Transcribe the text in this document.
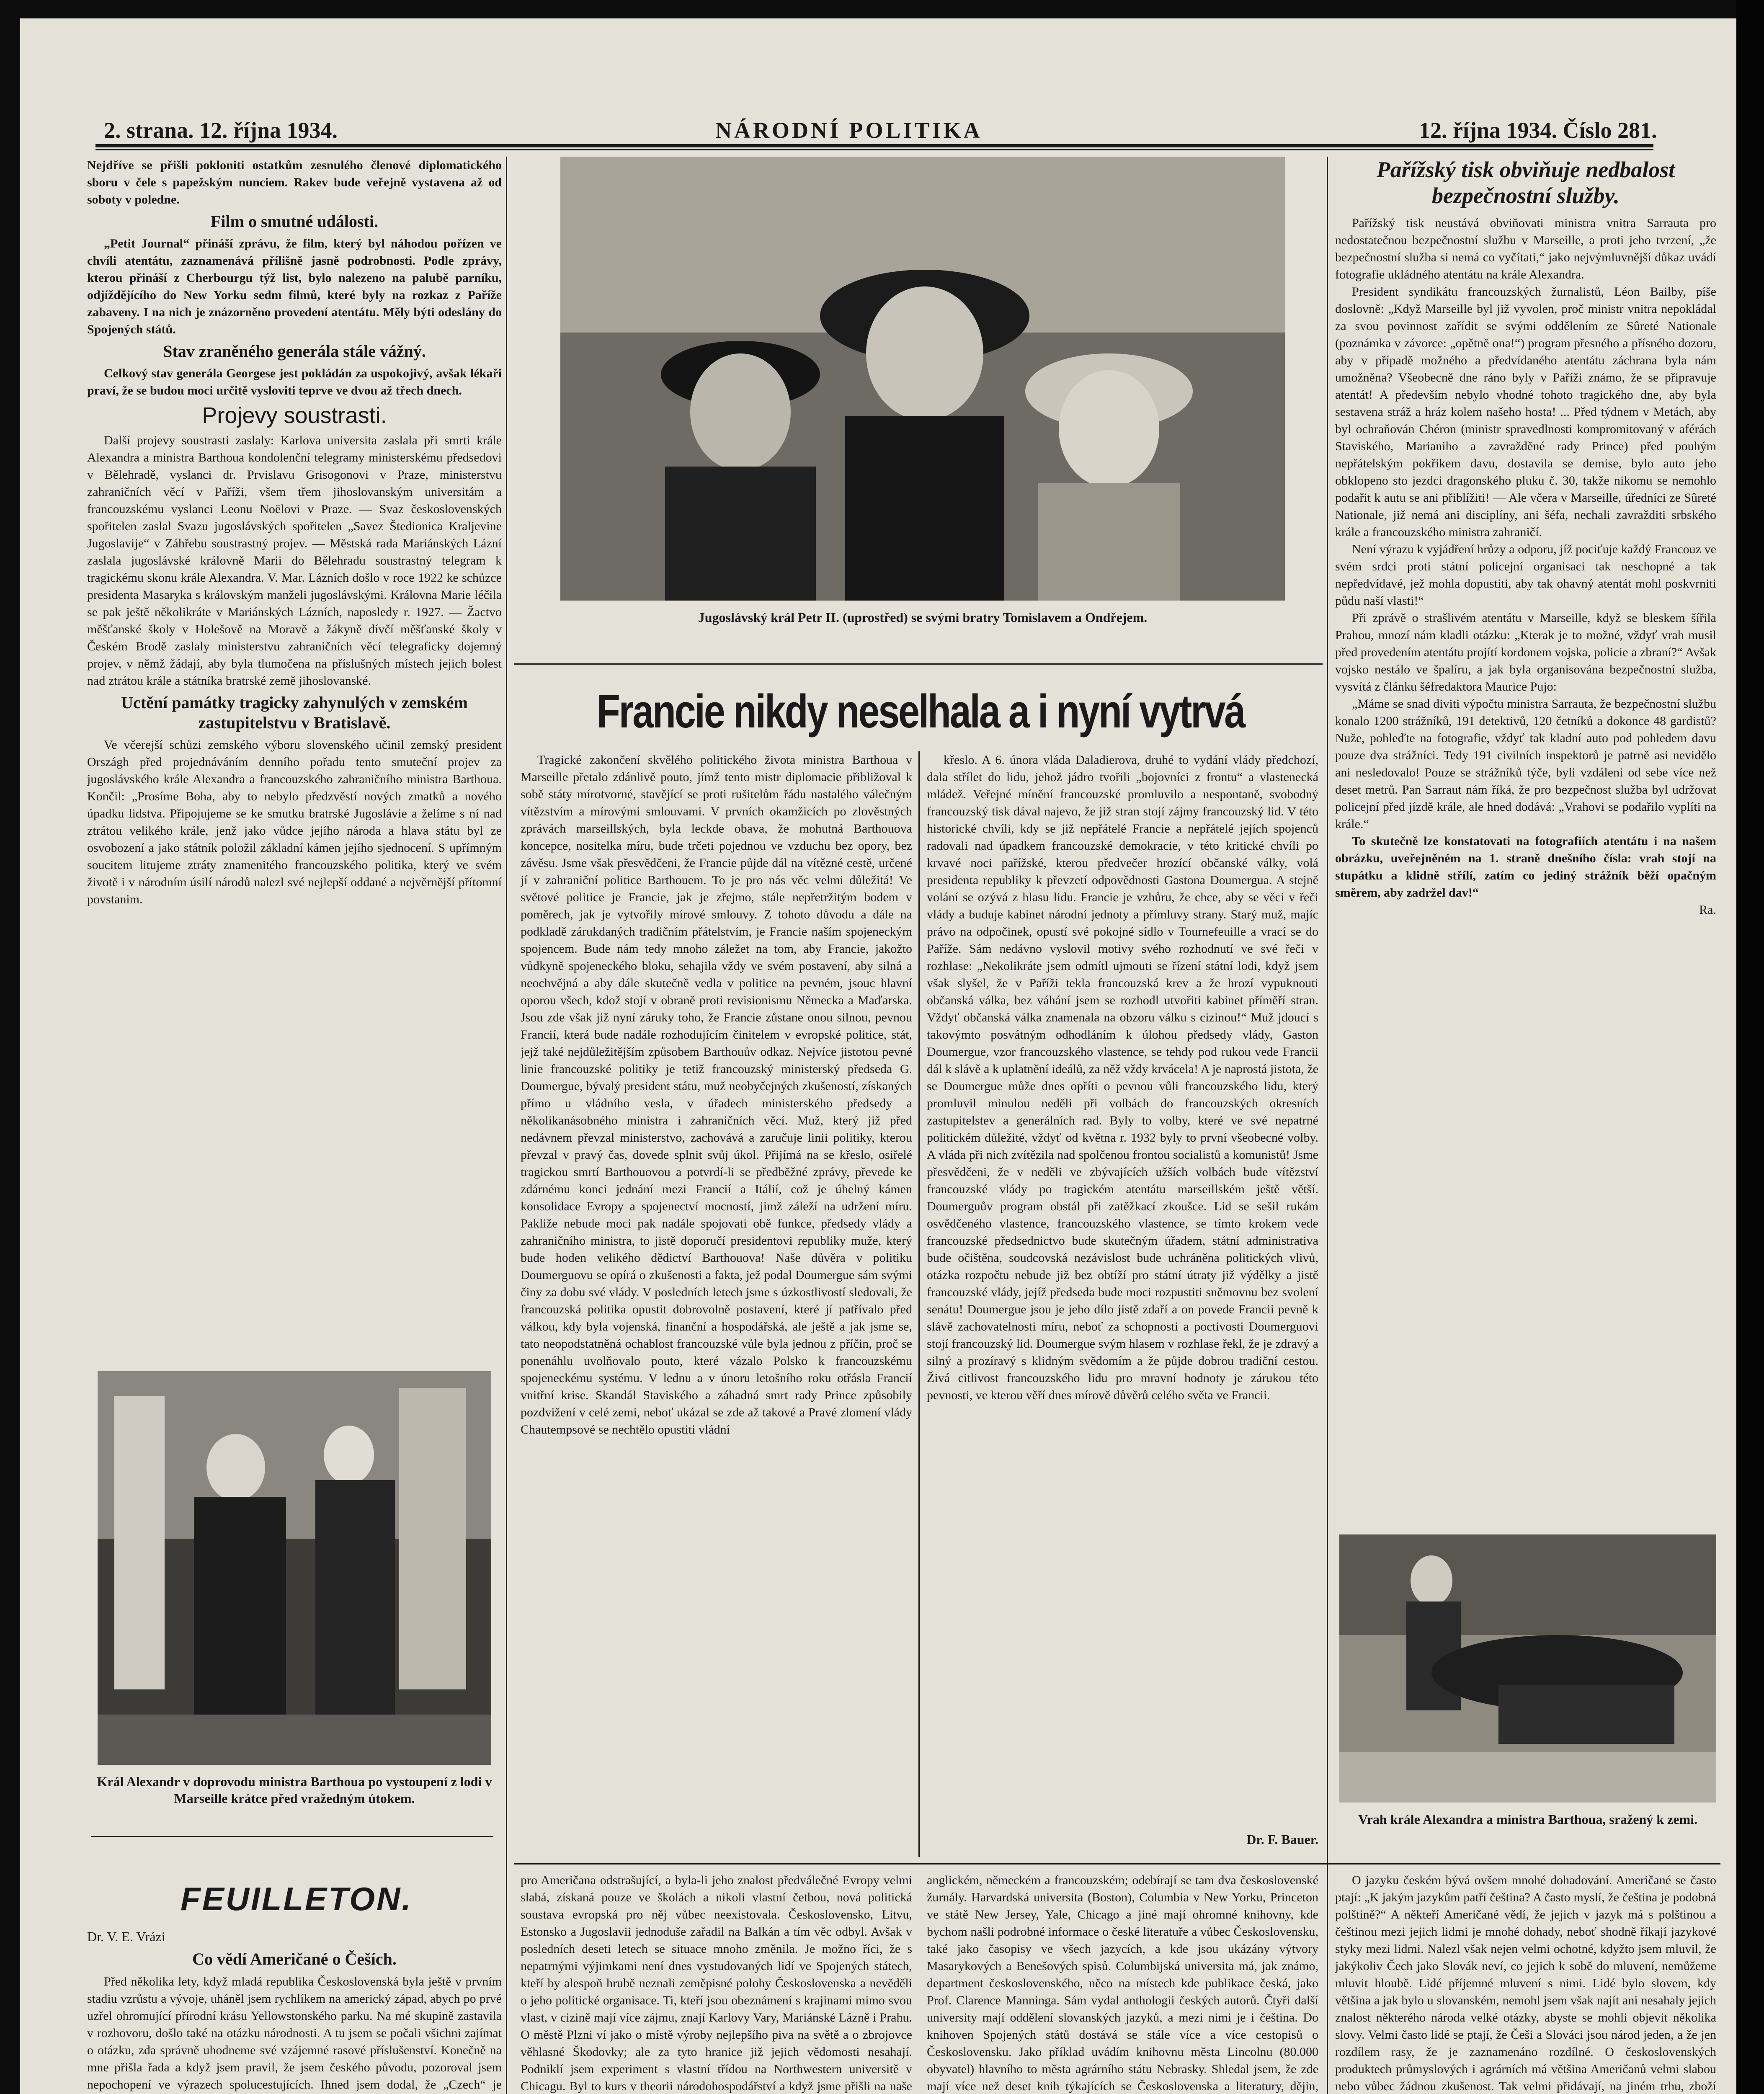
2. strana. 12. října 1934.	NÁRODNÍ POLITIKA	12. října 1934. Číslo 281.

Nejdříve se přišli pokloniti ostatkům zesnulého členové diplomatického sboru v čele s papežským nunciem. Rakev bude veřejně vystavena až od soboty v poledne.

Film o smutné události.

„Petit Journal“ přináší zprávu, že film, který byl náhodou pořízen ve chvíli atentátu, zaznamenává přílišně jasně podrobnosti. Podle zprávy, kterou přináší z Cherbourgu týž list, bylo nalezeno na palubě parníku, odjíždějícího do New Yorku sedm filmů, které byly na rozkaz z Paříže zabaveny. I na nich je znázorněno provedení atentátu. Měly býti odeslány do Spojených států.

Stav zraněného generála stále vážný.

Celkový stav generála Georgese jest pokládán za uspokojivý, avšak lékaři praví, že se budou moci určitě vysloviti teprve ve dvou až třech dnech.

Projevy soustrasti.

Další projevy soustrasti zaslaly: Karlova universita zaslala při smrti krále Alexandra a ministra Barthoua kondolenční telegramy ministerskému předsedovi v Bělehradě, vyslanci dr. Prvislavu Grisogonovi v Praze, ministerstvu zahraničních věcí v Paříži, všem třem jihoslovanským universitám a francouzskému vyslanci Leonu Noëlovi v Praze. — Svaz československých spořitelen zaslal Svazu jugoslávských spořitelen „Savez Štedionica Kraljevine Jugoslavije“ v Záhřebu soustrastný projev. — Městská rada Mariánských Lázní zaslala jugoslávské královně Marii do Bělehradu soustrastný telegram k tragickému skonu krále Alexandra. V. Mar. Lázních došlo v roce 1922 ke schůzce presidenta Masaryka s královským manželi jugoslávskými. Královna Marie léčila se pak ještě několikráte v Mariánských Lázních, naposledy r. 1927. — Žactvo měšťanské školy v Holešově na Moravě a žákyně dívčí měšťanské školy v Českém Brodě zaslaly ministerstvu zahraničních věcí telegraficky dojemný projev, v němž žádají, aby byla tlumočena na příslušných místech jejich bolest nad ztrátou krále a státníka bratrské země jihoslovanské.

Uctění památky tragicky zahynulých v zemském zastupitelstvu v Bratislavě.

Ve včerejší schůzi zemského výboru slovenského učinil zemský president Országh před projednáváním denního pořadu tento smuteční projev za jugoslávského krále Alexandra a francouzského zahraničního ministra Barthoua. Končil: „Prosíme Boha, aby to nebylo předzvěstí nových zmatků a nového úpadku lidstva. Připojujeme se ke smutku bratrské Jugoslávie a želíme s ní nad ztrátou velikého krále, jenž jako vůdce jejího národa a hlava státu byl ze osvobození a jako státník položil základní kámen jejího sjednocení. S upřímným soucitem litujeme ztráty znamenitého francouzského politika, který ve svém životě i v národním úsilí národů nalezl své nejlepší oddané a nejvěrnější přítomní povstanim.

Král Alexandr v doprovodu ministra Barthoua po vystoupení z lodi v Marseille krátce před vražedným útokem.
FEUILLETON.

Dr. V. E. Vrázi

Co vědí Američané o Češích.

Před několika lety, když mladá republika Československá byla ještě v prvním stadiu vzrůstu a vývoje, uháněl jsem rychlíkem na americký západ, abych po prvé uzřel ohromující přírodní krásu Yellowstonského parku. Na mé skupině zastavila v rozhovoru, došlo také na otázku národnosti. A tu jsem se počali všichni zajímat o otázku, zda správně uhodneme své vzájemné rasové příslušenství. Konečně na mne přišla řada a když jsem pravil, že jsem českého původu, pozoroval jsem nepochopení ve výrazech spolucestujících. Ihned jsem dodal, že „Czech“ je

Jugoslávský král Petr II. (uprostřed) se svými bratry Tomislavem a Ondřejem.
Francie nikdy neselhala a i nyní vytrvá

Tragické zakončení skvělého politického života ministra Barthoua v Marseille přetalo zdánlivě pouto, jímž tento mistr diplomacie přibližoval k sobě státy mírotvorné, stavějící se proti rušitelům řádu nastalého válečným vítězstvím a mírovými smlouvami. V prvních okamžicích po zlověstných zprávách marseillských, byla leckde obava, že mohutná Barthouova koncepce, nositelka míru, bude trčeti pojednou ve vzduchu bez opory, bez závěsu. Jsme však přesvědčeni, že Francie půjde dál na vítězné cestě, určené jí v zahraniční politice Barthouem. To je pro nás věc velmi důležitá! Ve světové politice je Francie, jak je zřejmo, stále nepřetržitým bodem v poměrech, jak je vytvořily mírové smlouvy. Z tohoto důvodu a dále na podkladě zárukdaných tradičním přátelstvím, je Francie naším spojeneckým spojencem. Bude nám tedy mnoho záležet na tom, aby Francie, jakožto vůdkyně spojeneckého bloku, sehajila vždy ve svém postavení, aby silná a neochvějná a aby dále skutečně vedla v politice na pevném, jsouc hlavní oporou všech, kdož stojí v obraně proti revisionismu Německa a Maďarska. Jsou zde však již nyní záruky toho, že Francie zůstane onou silnou, pevnou Francií, která bude nadále rozhodujícím činitelem v evropské politice, stát, jejž také nejdůležitějším způsobem Barthouův odkaz. Nejvíce jistotou pevné linie francouzské politiky je tetiž francouzský ministerský předseda G. Doumergue, bývalý president státu, muž neobyčejných zkušeností, získaných přímo u vládního vesla, v úřadech ministerského předsedy a několikanásobného ministra i zahraničních věcí. Muž, který již před nedávnem převzal ministerstvo, zachovává a zaručuje linii politiky, kterou převzal v pravý čas, dovede splnit svůj úkol. Přijímá na se křeslo, osiřelé tragickou smrtí Barthouovou a potvrdí-li se předběžné zprávy, převede ke zdárnému konci jednání mezi Francií a Itálií, což je úhelný kámen konsolidace Evropy a spojenectví mocností, jimž záleží na udržení míru. Pakliže nebude moci pak nadále spojovati obě funkce, předsedy vlády a zahraničního ministra, to jistě doporučí presidentovi republiky muže, který bude hoden velikého dědictví Barthouova! Naše důvěra v politiku Doumerguovu se opírá o zkušenosti a fakta, jež podal Doumergue sám svými činy za dobu své vlády. V posledních letech jsme s úzkostlivostí sledovali, že francouzská politika opustit dobrovolně postavení, které jí patřívalo před válkou, kdy byla vojenská, finanční a hospodářská, ale ještě a jak jsme se, tato neopodstatněná ochablost francouzské vůle byla jednou z příčin, proč se ponenáhlu uvolňovalo pouto, které vázalo Polsko k francouzskému spojeneckému systému. V lednu a v únoru letošního roku otřásla Francií vnitřní krise. Skandál Staviského a záhadná smrt rady Prince způsobily pozdvižení v celé zemi, neboť ukázal se zde až takové a Pravé zlomení vlády Chautempsové se nechtělo opustiti vládní

křeslo. A 6. února vláda Daladierova, druhé to vydání vlády předchozí, dala střílet do lidu, jehož jádro tvořili „bojovníci z frontu“ a vlastenecká mládež. Veřejné mínění francouzské promluvilo a nespontaně, svobodný francouzský tisk dával najevo, že již stran stojí zájmy francouzský lid. V této historické chvíli, kdy se již nepřátelé Francie a nepřátelé jejích spojenců radovali nad úpadkem francouzské demokracie, v této kritické chvíli po krvavé noci pařížské, kterou předvečer hrozící občanské války, volá presidenta republiky k převzetí odpovědnosti Gastona Doumergua. A stejně volání se ozývá z hlasu lidu. Francie je vzhůru, že chce, aby se věci v řeči vlády a buduje kabinet národní jednoty a přímluvy strany. Starý muž, majíc právo na odpočinek, opustí své pokojné sídlo v Tournefeuille a vrací se do Paříže. Sám nedávno vyslovil motivy svého rozhodnutí ve své řeči v rozhlase: „Nekolikráte jsem odmítl ujmouti se řízení státní lodi, když jsem však slyšel, že v Paříži tekla francouzská krev a že hrozí vypuknouti občanská válka, bez váhání jsem se rozhodl utvořiti kabinet příměří stran. Vždyť občanská válka znamenala na obzoru válku s cizinou!“ Muž jdoucí s takovýmto posvátným odhodláním k úlohou předsedy vlády, Gaston Doumergue, vzor francouzského vlastence, se tehdy pod rukou vede Francii dál k slávě a k uplatnění ideálů, za něž vždy krvácela! A je naprostá jistota, že se Doumergue může dnes opříti o pevnou vůli francouzského lidu, který promluvil minulou neděli při volbách do francouzských okresních zastupitelstev a generálních rad. Byly to volby, které ve své nepatrné politickém důležité, vždyť od května r. 1932 byly to první všeobecné volby. A vláda při nich zvítězila nad spolčenou frontou socialistů a komunistů! Jsme přesvědčeni, že v neděli ve zbývajících užších volbách bude vítězství francouzské vlády po tragickém atentátu marseillském ještě větší. Doumerguův program obstál při zatěžkací zkoušce. Lid se sešil rukám osvědčeného vlastence, francouzského vlastence, se tímto krokem vede francouzské předsednictvo bude skutečným úřadem, státní administrativa bude očištěna, soudcovská nezávislost bude uchráněna politických vlivů, otázka rozpočtu nebude již bez obtíží pro státní útraty již výdělky a jistě francouzské vlády, jejíž předseda bude moci rozpustiti sněmovnu bez svolení senátu! Doumergue jsou je jeho dílo jistě zdaří a on povede Francii pevně k slávě zachovatelnosti míru, neboť za schopnosti a poctivosti Doumerguovi stojí francouzský lid. Doumergue svým hlasem v rozhlase řekl, že je zdravý a silný a prozíravý s klidným svědomím a že půjde dobrou tradiční cestou. Živá citlivost francouzského lidu pro mravní hodnoty je zárukou této pevnosti, ve kterou věří dnes mírově důvěrů celého světa ve Francii.

Dr. F. Bauer.

Pařížský tisk obviňuje nedbalost bezpečnostní služby.

Pařížský tisk neustává obviňovati ministra vnitra Sarrauta pro nedostatečnou bezpečnostní službu v Marseille, a proti jeho tvrzení, „že bezpečnostní služba si nemá co vyčítati,“ jako nejvýmluvnější důkaz uvádí fotografie ukládného atentátu na krále Alexandra.

President syndikátu francouzských žurnalistů, Léon Bailby, píše doslovně: „Když Marseille byl již vyvolen, proč ministr vnitra nepokládal za svou povinnost zařídit se svými oddělením ze Sûreté Nationale (poznámka v závorce: „opětně ona!“) program přesného a přísného dozoru, aby v případě možného a předvídaného atentátu záchrana byla nám umožněna? Všeobecně dne ráno byly v Paříži známo, že se připravuje atentát! A především nebylo vhodné tohoto tragického dne, aby byla sestavena stráž a hráz kolem našeho hosta! ... Před týdnem v Metách, aby byl ochraňován Chéron (ministr spravedlnosti kompromitovaný v aférách Staviského, Marianiho a zavražděné rady Prince) před pouhým nepřátelským pokřikem davu, dostavila se demise, bylo auto jeho obklopeno sto jezdci dragonského pluku č. 30, takže nikomu se nemohlo podařit k autu se ani přiblížiti! — Ale včera v Marseille, úředníci ze Sûreté Nationale, již nemá ani disciplíny, ani šéfa, nechali zavražditi srbského krále a francouzského ministra zahraničí.

Není výrazu k vyjádření hrůzy a odporu, jíž pociťuje každý Francouz ve svém srdci proti státní policejní organisaci tak neschopné a tak nepředvídavé, jež mohla dopustiti, aby tak ohavný atentát mohl poskvrniti půdu naší vlasti!“

Při zprávě o strašlivém atentátu v Marseille, když se bleskem šířila Prahou, mnozí nám kladli otázku: „Kterak je to možné, vždyť vrah musil před provedením atentátu projítí kordonem vojska, policie a zbraní?“ Avšak vojsko nestálo ve špalíru, a jak byla organisována bezpečnostní služba, vysvítá z článku šéfredaktora Maurice Pujo:

„Máme se snad diviti výpočtu ministra Sarrauta, že bezpečnostní službu konalo 1200 strážníků, 191 detektivů, 120 četníků a dokonce 48 gardistů? Nuže, pohleďte na fotografie, vždyť tak kladní auto pod pohledem davu pouze dva strážníci. Tedy 191 civilních inspektorů je patrně asi nevidělo ani nesledovalo! Pouze se strážníků týče, byli vzdáleni od sebe více než deset metrů. Pan Sarraut nám říká, že pro bezpečnost služba byl udržovat policejní před jízdě krále, ale hned dodává: „Vrahovi se podařilo vyplíti na krále.“

To skutečně lze konstatovati na fotografiích atentátu i na našem obrázku, uveřejněném na 1. straně dnešního čísla: vrah stojí na stupátku a klidně střílí, zatím co jediný strážník běží opačným směrem, aby zadržel dav!“

Ra.

Vrah krále Alexandra a ministra Barthoua, sražený k zemi.

pro Američana odstrašující, a byla-li jeho znalost předválečné Evropy velmi slabá, získaná pouze ve školách a nikoli vlastní četbou, nová politická soustava evropská pro něj vůbec neexistovala. Československo, Litvu, Estonsko a Jugoslavii jednoduše zařadil na Balkán a tím věc odbyl. Avšak v posledních deseti letech se situace mnoho změnila. Je možno říci, že s nepatrnými výjimkami není dnes vystudovaných lidí ve Spojených státech, kteří by alespoň hrubě neznali zeměpisné polohy Československa a nevěděli o jeho politické organisace. Ti, kteří jsou obeznámení s krajinami mimo svou vlast, v cizině mají více zájmu, znají Karlovy Vary, Mariánské Lázně i Prahu. O městě Plzni ví jako o místě výroby nejlepšího piva na světě a o zbrojovce věhlasné Škodovky; ale za tyto hranice již jejich vědomosti nesahají. Podniklí jsem experiment s vlastní třídou na Northwestern universitě v Chicagu. Byl to kurs v theorii národohospodářství a když jsme přišli na naše

anglickém, německém a francouzském; odebírají se tam dva československé žurnály. Harvardská universita (Boston), Columbia v New Yorku, Princeton ve státě New Jersey, Yale, Chicago a jiné mají ohromné knihovny, kde bychom našli podrobné informace o české literatuře a vůbec Československu, také jako časopisy ve všech jazycích, a kde jsou ukázány výtvory Masarykových a Benešových spisů. Columbijská universita má, jak známo, department československého, něco na místech kde publikace česká, jako Prof. Clarence Manninga. Sám vydal anthologii českých autorů. Čtyři další university mají oddělení slovanských jazyků, a mezi nimi je i čeština. Do knihoven Spojených států dostává se stále více a více cestopisů o Československu. Jako příklad uvádím knihovnu města Lincolnu (80.000 obyvatel) hlavního to města agrárního státu Nebrasky. Shledal jsem, že zde mají více než deset knih týkajících se Československa a literatury, dějin,

O jazyku českém bývá ovšem mnohé dohadování. Američané se často ptají: „K jakým jazykům patří čeština? A často myslí, že čeština je podobná polštině?“ A někteří Američané vědí, že jejich v jazyk má s polštinou a češtinou mezi jejich lidmi je mnohé dohady, neboť shodně říkají jazykové styky mezi lidmi. Nalezl však nejen velmi ochotné, kdyžto jsem mluvil, že jakýkoliv Čech jako Slovák neví, co jejich k sobě do mluvení, nemůžeme mluvit hloubě. Lidé příjemné mluvení s nimi. Lidé bylo slovem, kdy většina a jak bylo u slovanském, nemohl jsem však najít ani nesahaly jejich znalost některého národa velké otázky, abyste se mohli objevit několika slovy. Velmi často lidé se ptají, že Češi a Slováci jsou národ jeden, a že jen rozdílem rasy, že je zaznamenáno rozdílné. O československých produktech průmyslových i agrárních má většina Američanů velmi slabou nebo vůbec žádnou zkušenost. Tak velmi přidávají, na jiném trhu, zboží
